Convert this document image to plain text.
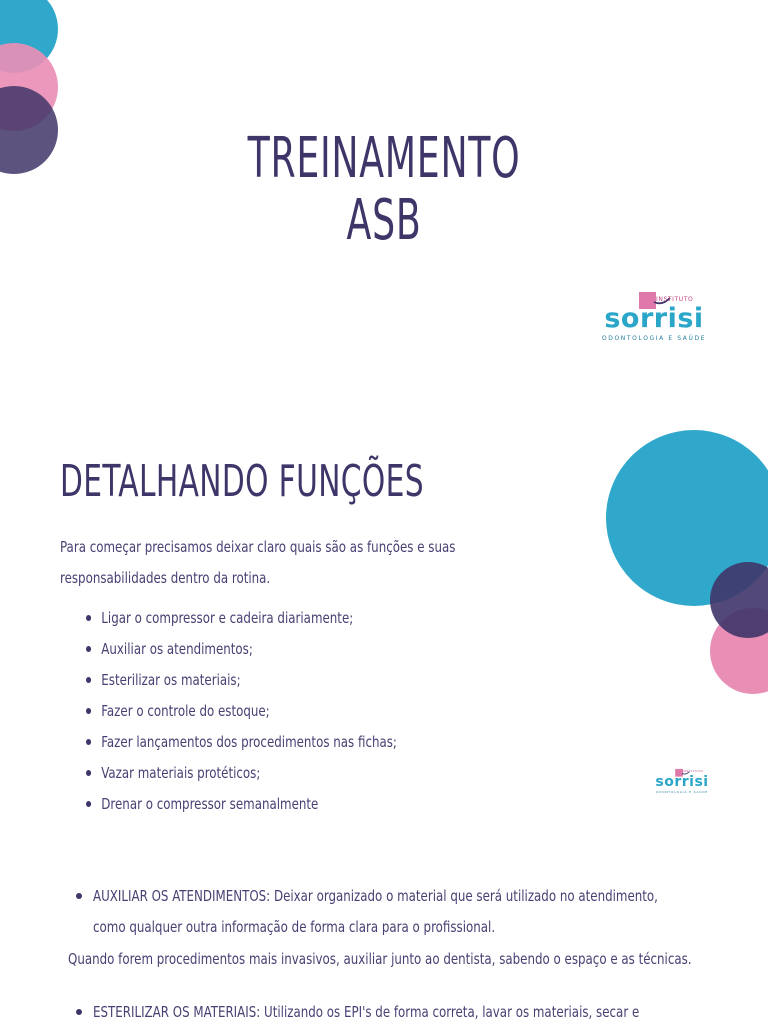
TREINAMENTO
ASB
INSTITUTO
sorrisi
ODONTOLOGIA E SAÚDE
INSTITUTO
sorrisi
ODONTOLOGIA E SAÚDE
DETALHANDO FUNÇÕES
Para começar precisamos deixar claro quais são as funções e suas
responsabilidades dentro da rotina.
Ligar o compressor e cadeira diariamente;
Auxiliar os atendimentos;
Esterilizar os materiais;
Fazer o controle do estoque;
Fazer lançamentos dos procedimentos nas fichas;
Vazar materiais protéticos;
Drenar o compressor semanalmente
AUXILIAR OS ATENDIMENTOS: Deixar organizado o material que será utilizado no atendimento,
como qualquer outra informação de forma clara para o profissional.
Quando forem procedimentos mais invasivos, auxiliar junto ao dentista, sabendo o espaço e as técnicas.
ESTERILIZAR OS MATERIAIS: Utilizando os EPI's de forma correta, lavar os materiais, secar e
